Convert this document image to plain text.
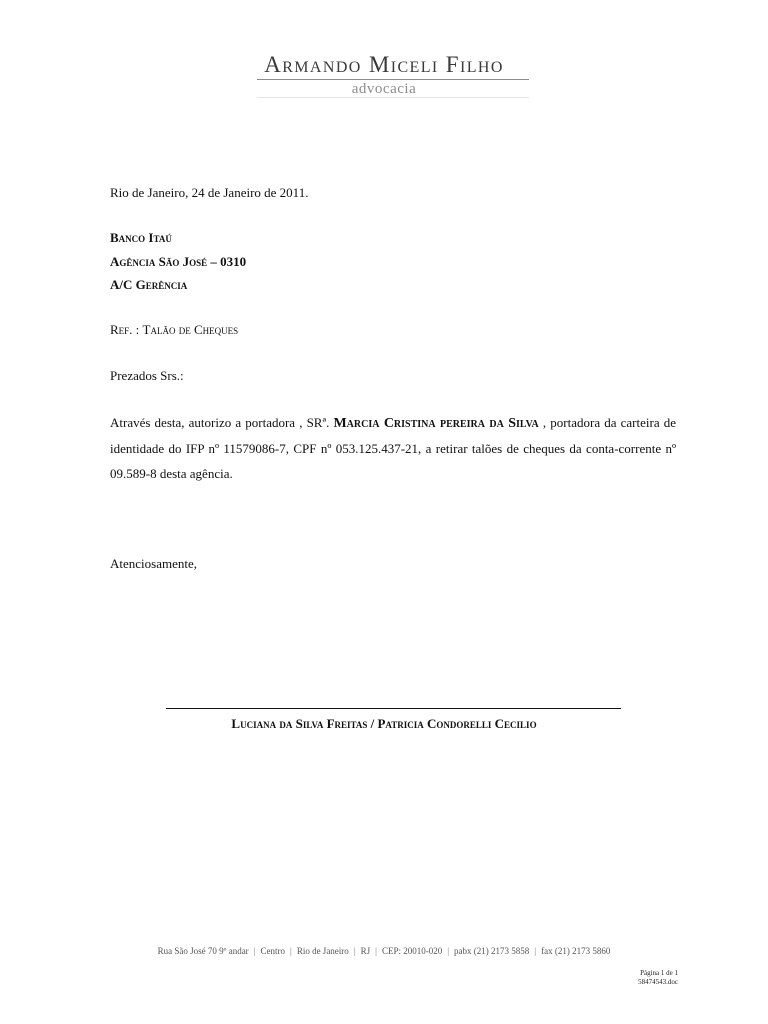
Armando Miceli Filho
advocacia
Rio de Janeiro, 24 de Janeiro de 2011.
Banco Itaú
Agência São José – 0310
A/C Gerência
Ref. : Talão de Cheques
Prezados Srs.:
Através desta, autorizo a portadora , SRª. Marcia Cristina pereira da Silva , portadora da carteira de identidade do IFP nº 11579086-7, CPF nº 053.125.437-21, a retirar talões de cheques da conta-corrente nº 09.589-8 desta agência.
Atenciosamente,
Luciana da Silva Freitas / Patricia Condorelli Cecilio
Rua São José 70 9º andar | Centro | Rio de Janeiro | RJ | CEP: 20010-020 | pabx (21) 2173 5858 | fax (21) 2173 5860
Página 1 de 1
58474543.doc
